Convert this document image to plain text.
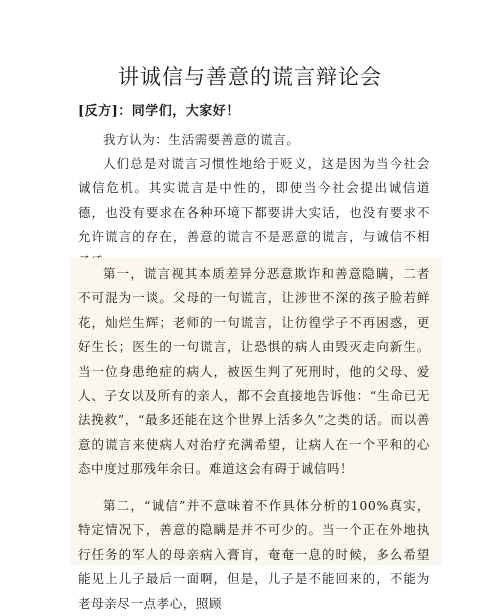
讲诚信与善意的谎言辩论会
[反方]：同学们，大家好！
我方认为：生活需要善意的谎言。
人们总是对谎言习惯性地给于贬义，这是因为当今社会诚信危机。其实谎言是中性的，即使当今社会提出诚信道德，也没有要求在各种环境下都要讲大实话，也没有要求不允许谎言的存在，善意的谎言不是恶意的谎言，与诚信不相
第一，谎言视其本质差异分恶意欺诈和善意隐瞒，二者不可混为一谈。父母的一句谎言，让涉世不深的孩子脸若鲜花，灿烂生辉；老师的一句谎言，让彷徨学子不再困惑，更好生长；医生的一句谎言，让恐惧的病人由毁灭走向新生。当一位身患绝症的病人，被医生判了死刑时，他的父母、爱人、子女以及所有的亲人，都不会直接地告诉他：“生命已无法挽救”，“最多还能在这个世界上活多久”之类的话。而以善意的谎言来使病人对治疗充满希望，让病人在一个平和的心态中度过那残年余日。难道这会有碍于诚信吗！
第二，“诚信”并不意味着不作具体分析的100%真实，特定情况下，善意的隐瞒是并不可少的。当一个正在外地执行任务的军人的母亲病入膏肓，奄奄一息的时候，多么希望能见上儿子最后一面啊，但是，儿子是不能回来的，不能为老母亲尽一点孝心，照顾
